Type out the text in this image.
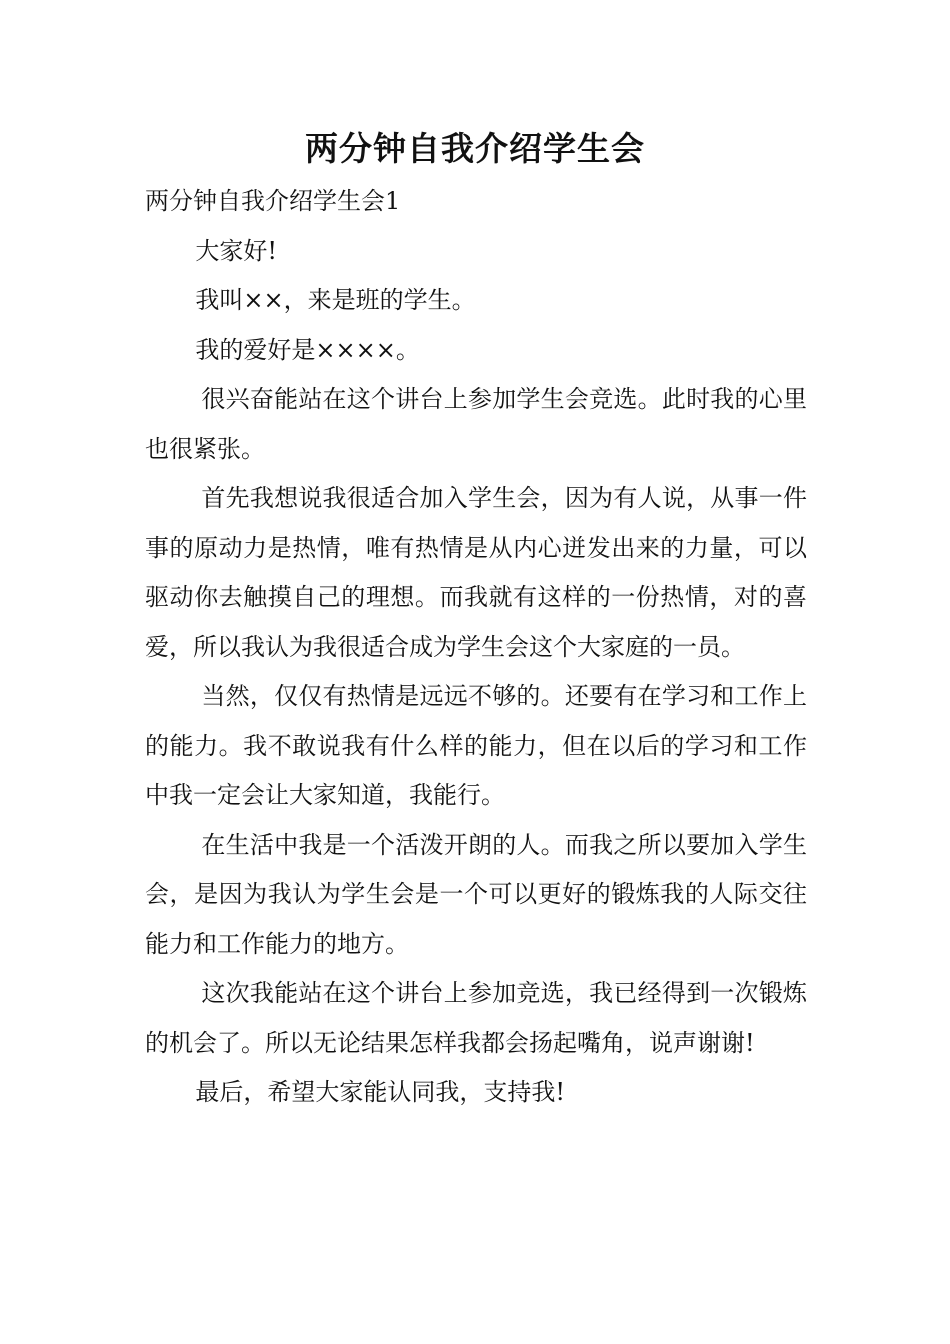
两分钟自我介绍学生会

两分钟自我介绍学生会1

大家好!

我叫××，来是班的学生。

我的爱好是××××。

很兴奋能站在这个讲台上参加学生会竞选。此时我的心里也很紧张。

首先我想说我很适合加入学生会，因为有人说，从事一件事的原动力是热情，唯有热情是从内心迸发出来的力量，可以驱动你去触摸自己的理想。而我就有这样的一份热情，对的喜爱，所以我认为我很适合成为学生会这个大家庭的一员。

当然，仅仅有热情是远远不够的。还要有在学习和工作上的能力。我不敢说我有什么样的能力，但在以后的学习和工作中我一定会让大家知道，我能行。

在生活中我是一个活泼开朗的人。而我之所以要加入学生会，是因为我认为学生会是一个可以更好的锻炼我的人际交往能力和工作能力的地方。

这次我能站在这个讲台上参加竞选，我已经得到一次锻炼的机会了。所以无论结果怎样我都会扬起嘴角，说声谢谢!

最后，希望大家能认同我，支持我!
